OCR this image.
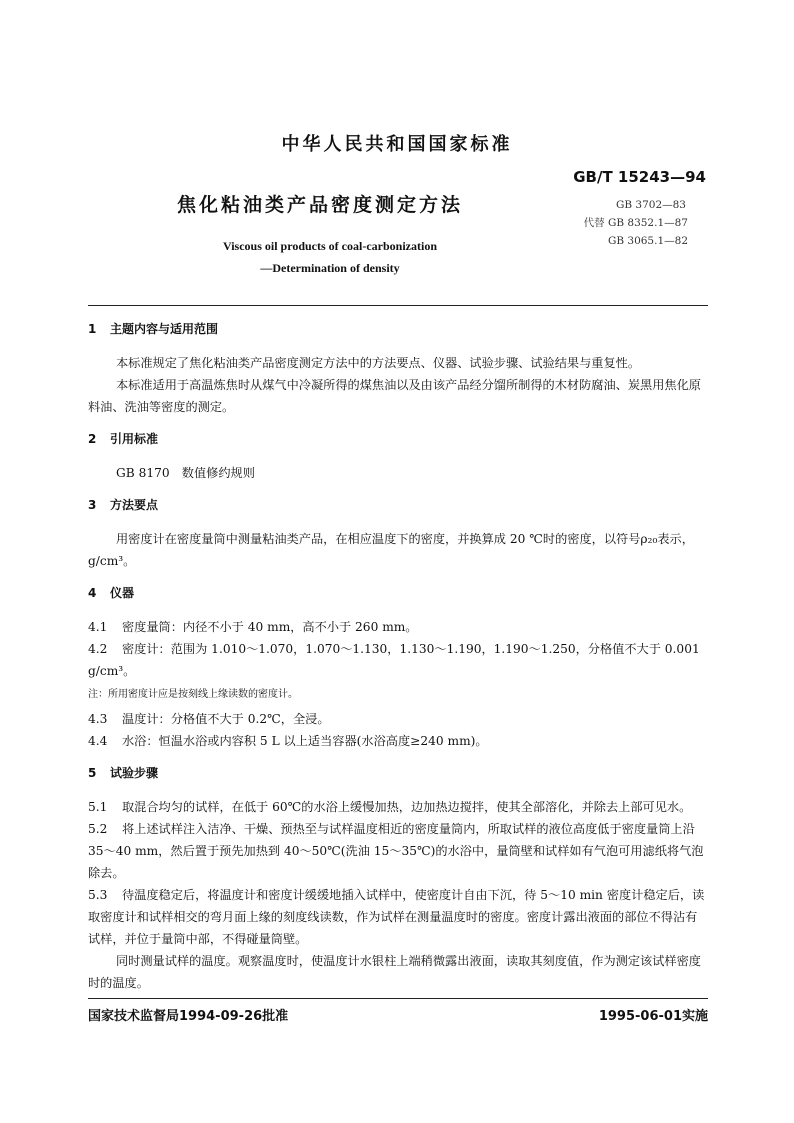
中华人民共和国国家标准
GB/T 15243—94
焦化粘油类产品密度测定方法	GB 3702—83
代替 GB 8352.1—87
GB 3065.1—82
Viscous oil products of coal-carbonization
—Determination of density
1 主题内容与适用范围

本标准规定了焦化粘油类产品密度测定方法中的方法要点、仪器、试验步骤、试验结果与重复性。

本标准适用于高温炼焦时从煤气中冷凝所得的煤焦油以及由该产品经分馏所制得的木材防腐油、炭黑用焦化原料油、洗油等密度的测定。

2 引用标准

GB 8170　数值修约规则

3 方法要点

用密度计在密度量筒中测量粘油类产品，在相应温度下的密度，并换算成 20 ℃时的密度，以符号ρ₂₀表示，g/cm³。

4 仪器

4.1 密度量筒：内径不小于 40 mm，高不小于 260 mm。

4.2 密度计：范围为 1.010～1.070，1.070～1.130，1.130～1.190，1.190～1.250，分格值不大于 0.001 g/cm³。

注：所用密度计应是按刻线上缘读数的密度计。

4.3 温度计：分格值不大于 0.2℃，全浸。

4.4 水浴：恒温水浴或内容积 5 L 以上适当容器(水浴高度≥240 mm)。

5 试验步骤

5.1 取混合均匀的试样，在低于 60℃的水浴上缓慢加热，边加热边搅拌，使其全部溶化，并除去上部可见水。

5.2 将上述试样注入洁净、干燥、预热至与试样温度相近的密度量筒内，所取试样的液位高度低于密度量筒上沿 35～40 mm，然后置于预先加热到 40～50℃(洗油 15～35℃)的水浴中，量筒壁和试样如有气泡可用滤纸将气泡除去。

5.3 待温度稳定后，将温度计和密度计缓缓地插入试样中，使密度计自由下沉，待 5～10 min 密度计稳定后，读取密度计和试样相交的弯月面上缘的刻度线读数，作为试样在测量温度时的密度。密度计露出液面的部位不得沾有试样，并位于量筒中部，不得碰量筒壁。

同时测量试样的温度。观察温度时，使温度计水银柱上端稍微露出液面，读取其刻度值，作为测定该试样密度时的温度。

国家技术监督局1994-09-26批准	1995-06-01实施
